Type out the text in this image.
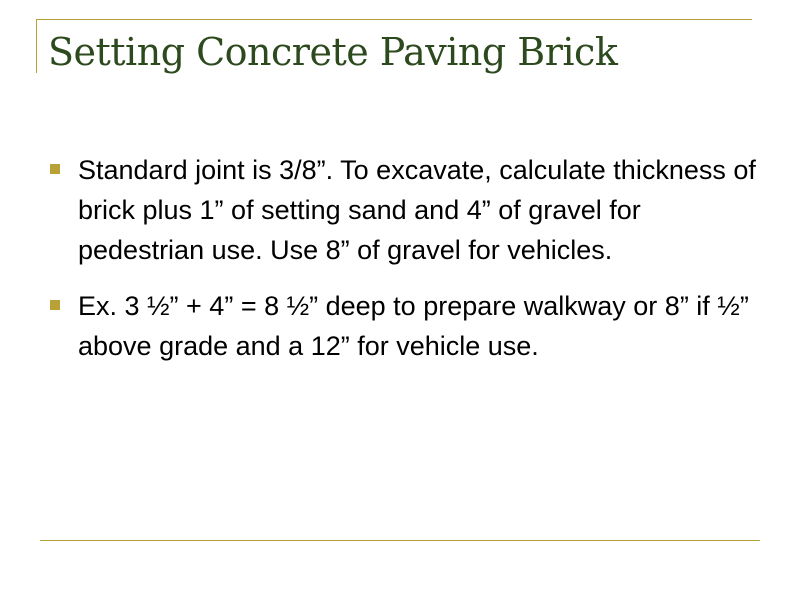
Setting Concrete Paving Brick
Standard joint is 3/8”. To excavate, calculate thickness of brick plus 1” of setting sand and 4” of gravel for pedestrian use. Use 8” of gravel for vehicles.
Ex. 3 ½” + 4” = 8 ½” deep to prepare walkway or 8” if ½” above grade and a 12” for vehicle use.
